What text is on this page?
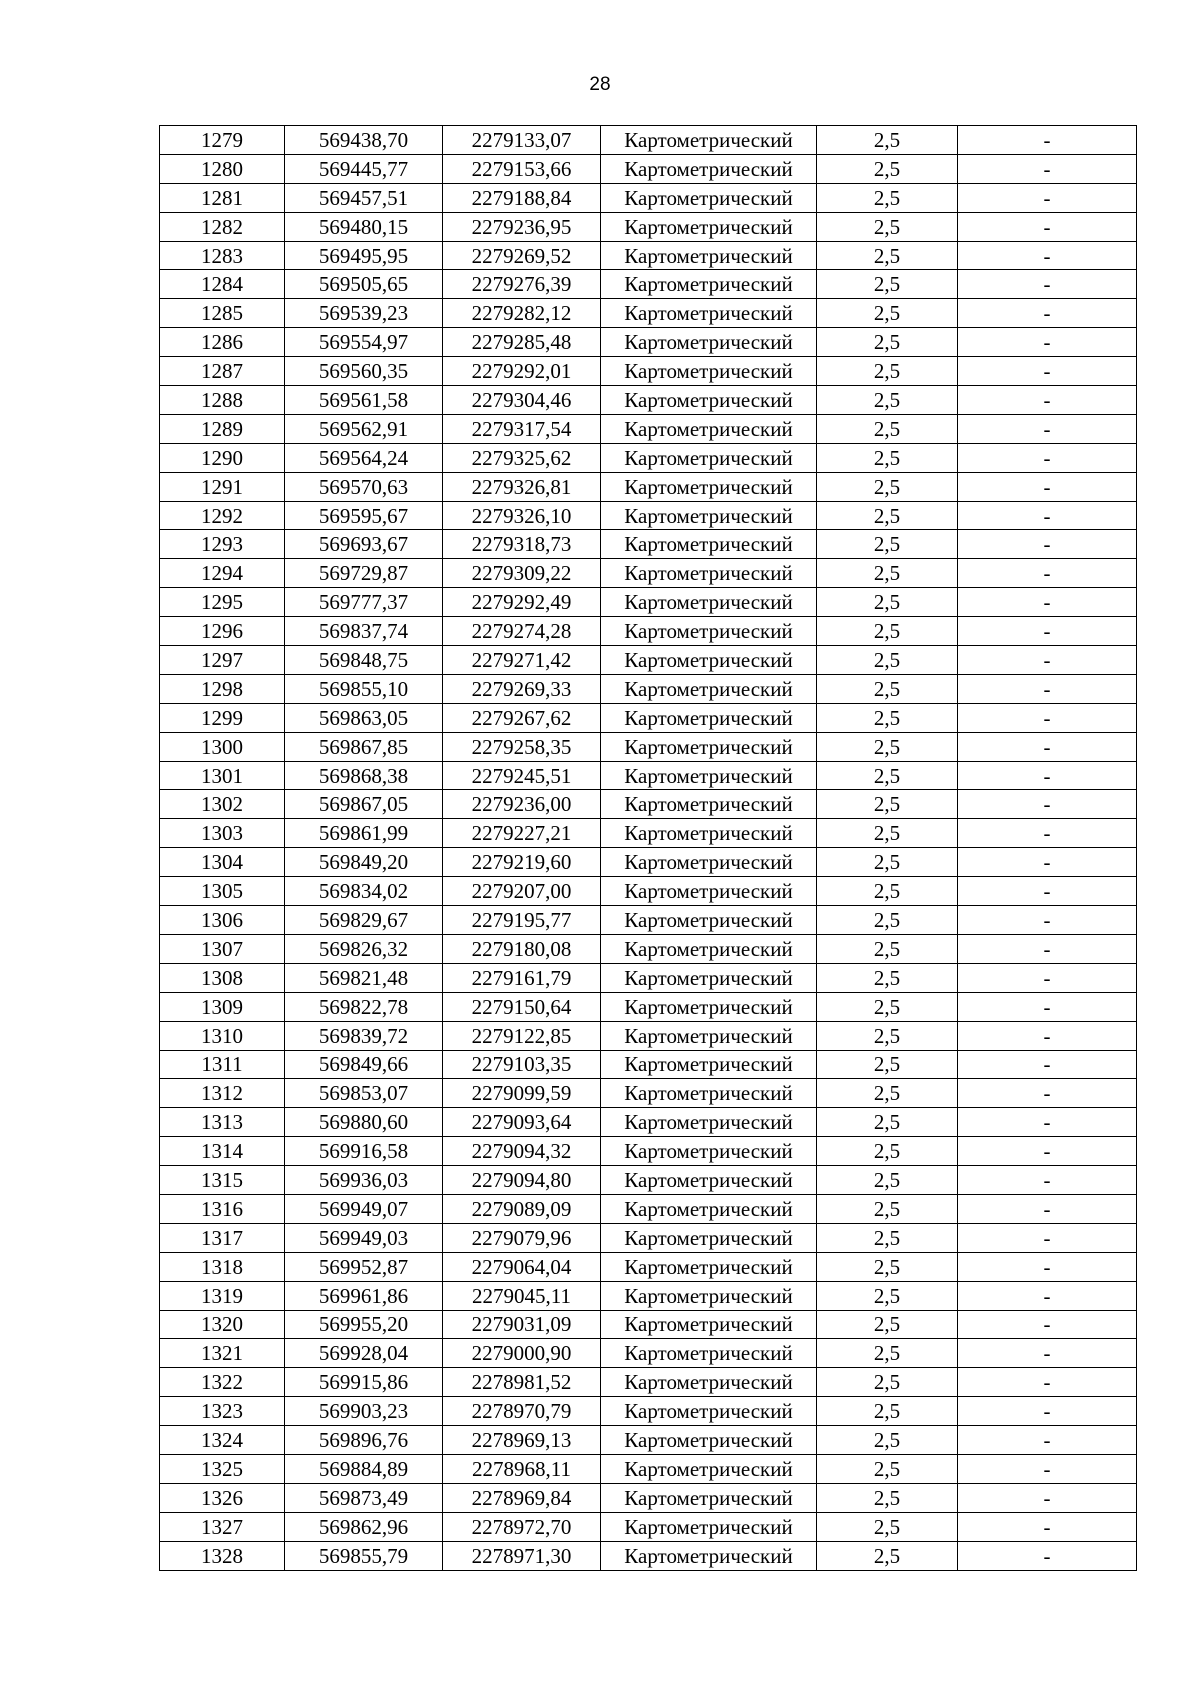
28
1279	569438,70	2279133,07	Картометрический	2,5	-
1280	569445,77	2279153,66	Картометрический	2,5	-
1281	569457,51	2279188,84	Картометрический	2,5	-
1282	569480,15	2279236,95	Картометрический	2,5	-
1283	569495,95	2279269,52	Картометрический	2,5	-
1284	569505,65	2279276,39	Картометрический	2,5	-
1285	569539,23	2279282,12	Картометрический	2,5	-
1286	569554,97	2279285,48	Картометрический	2,5	-
1287	569560,35	2279292,01	Картометрический	2,5	-
1288	569561,58	2279304,46	Картометрический	2,5	-
1289	569562,91	2279317,54	Картометрический	2,5	-
1290	569564,24	2279325,62	Картометрический	2,5	-
1291	569570,63	2279326,81	Картометрический	2,5	-
1292	569595,67	2279326,10	Картометрический	2,5	-
1293	569693,67	2279318,73	Картометрический	2,5	-
1294	569729,87	2279309,22	Картометрический	2,5	-
1295	569777,37	2279292,49	Картометрический	2,5	-
1296	569837,74	2279274,28	Картометрический	2,5	-
1297	569848,75	2279271,42	Картометрический	2,5	-
1298	569855,10	2279269,33	Картометрический	2,5	-
1299	569863,05	2279267,62	Картометрический	2,5	-
1300	569867,85	2279258,35	Картометрический	2,5	-
1301	569868,38	2279245,51	Картометрический	2,5	-
1302	569867,05	2279236,00	Картометрический	2,5	-
1303	569861,99	2279227,21	Картометрический	2,5	-
1304	569849,20	2279219,60	Картометрический	2,5	-
1305	569834,02	2279207,00	Картометрический	2,5	-
1306	569829,67	2279195,77	Картометрический	2,5	-
1307	569826,32	2279180,08	Картометрический	2,5	-
1308	569821,48	2279161,79	Картометрический	2,5	-
1309	569822,78	2279150,64	Картометрический	2,5	-
1310	569839,72	2279122,85	Картометрический	2,5	-
1311	569849,66	2279103,35	Картометрический	2,5	-
1312	569853,07	2279099,59	Картометрический	2,5	-
1313	569880,60	2279093,64	Картометрический	2,5	-
1314	569916,58	2279094,32	Картометрический	2,5	-
1315	569936,03	2279094,80	Картометрический	2,5	-
1316	569949,07	2279089,09	Картометрический	2,5	-
1317	569949,03	2279079,96	Картометрический	2,5	-
1318	569952,87	2279064,04	Картометрический	2,5	-
1319	569961,86	2279045,11	Картометрический	2,5	-
1320	569955,20	2279031,09	Картометрический	2,5	-
1321	569928,04	2279000,90	Картометрический	2,5	-
1322	569915,86	2278981,52	Картометрический	2,5	-
1323	569903,23	2278970,79	Картометрический	2,5	-
1324	569896,76	2278969,13	Картометрический	2,5	-
1325	569884,89	2278968,11	Картометрический	2,5	-
1326	569873,49	2278969,84	Картометрический	2,5	-
1327	569862,96	2278972,70	Картометрический	2,5	-
1328	569855,79	2278971,30	Картометрический	2,5	-
